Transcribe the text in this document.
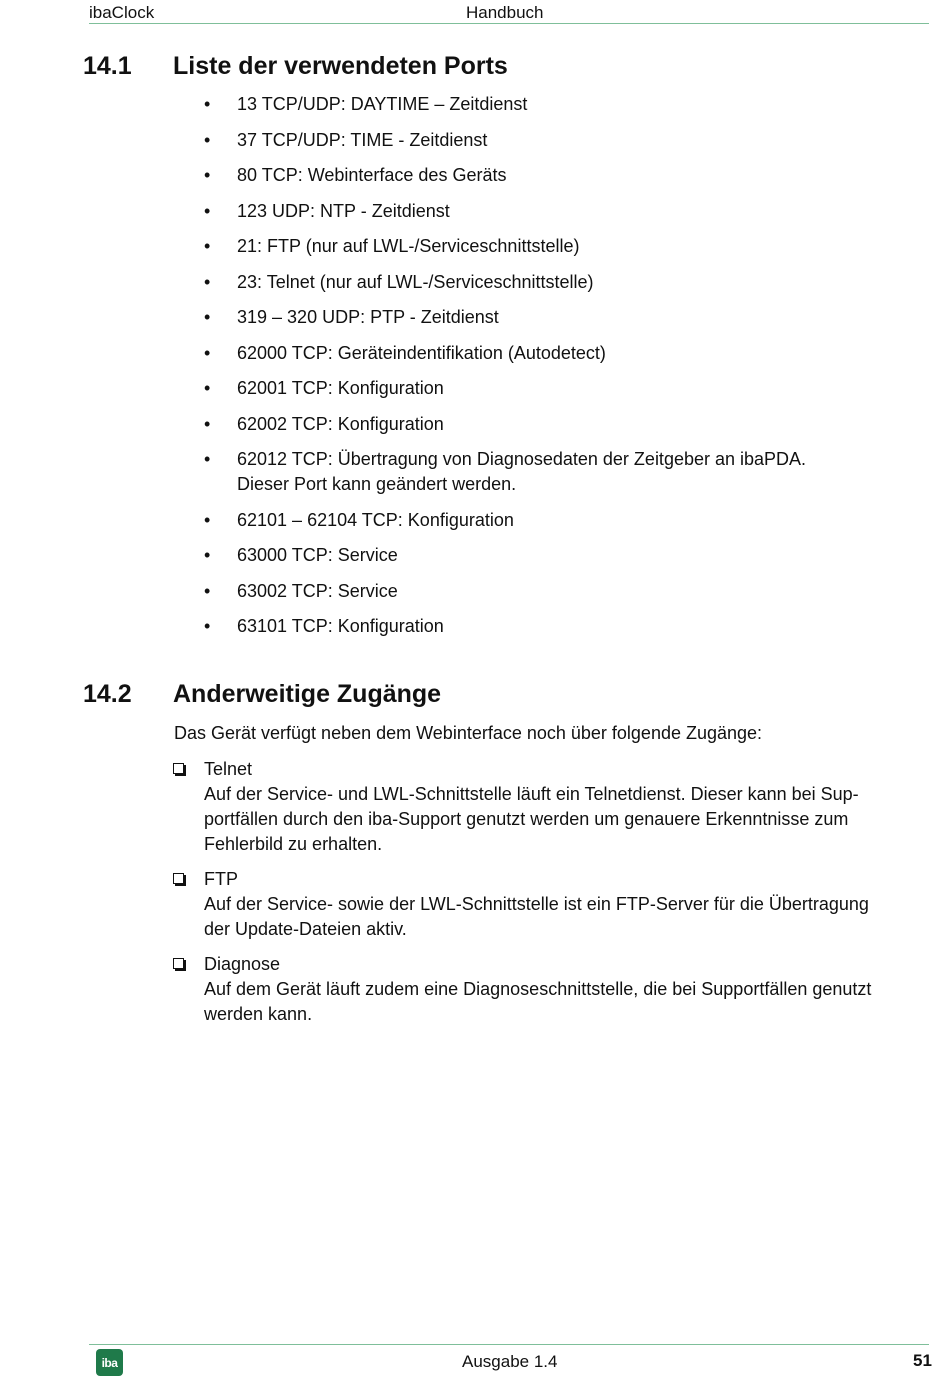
ibaClock	Handbuch
14.1 Liste der verwendeten Ports
• 13 TCP/UDP: DAYTIME – Zeitdienst
• 37 TCP/UDP: TIME - Zeitdienst
• 80 TCP: Webinterface des Geräts
• 123 UDP: NTP - Zeitdienst
• 21: FTP (nur auf LWL-/Serviceschnittstelle)
• 23: Telnet (nur auf LWL-/Serviceschnittstelle)
• 319 – 320 UDP: PTP - Zeitdienst
• 62000 TCP: Geräteindentifikation (Autodetect)
• 62001 TCP: Konfiguration
• 62002 TCP: Konfiguration
• 62012 TCP: Übertragung von Diagnosedaten der Zeitgeber an ibaPDA.
Dieser Port kann geändert werden.
• 62101 – 62104 TCP: Konfiguration
• 63000 TCP: Service
• 63002 TCP: Service
• 63101 TCP: Konfiguration
14.2 Anderweitige Zugänge
Das Gerät verfügt neben dem Webinterface noch über folgende Zugänge:
Telnet
Auf der Service- und LWL-Schnittstelle läuft ein Telnetdienst. Dieser kann bei Sup-
portfällen durch den iba-Support genutzt werden um genauere Erkenntnisse zum
Fehlerbild zu erhalten.
FTP
Auf der Service- sowie der LWL-Schnittstelle ist ein FTP-Server für die Übertragung
der Update-Dateien aktiv.
Diagnose
Auf dem Gerät läuft zudem eine Diagnoseschnittstelle, die bei Supportfällen genutzt
werden kann.
iba	Ausgabe 1.4	51
